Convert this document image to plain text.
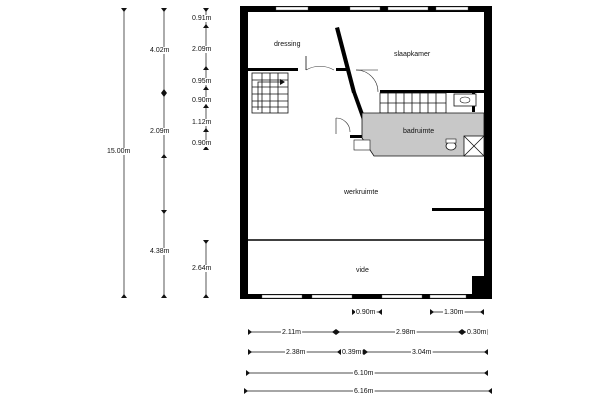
dressing
slaapkamer
badruimte
werkruimte
vide
15.00m
4.02m
2.09m
4.38m
0.91m
2.09m
0.95m
0.90m
1.12m
0.90m
2.64m
0.90m	1.30m
2.11m	2.98m	0.30m
2.38m	0.39m	3.04m
6.10m
6.16m
